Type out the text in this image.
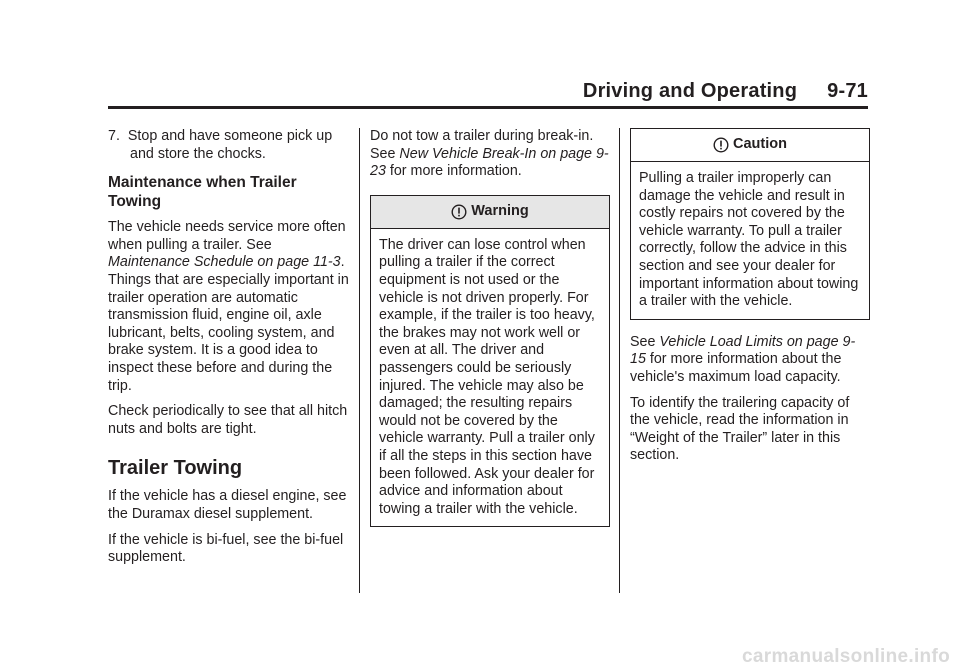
Driving and Operating 9-71

7. Stop and have someone pick up and store the chocks.

Maintenance when Trailer Towing

The vehicle needs service more often when pulling a trailer. See Maintenance Schedule on page 11-3. Things that are especially important in trailer operation are automatic transmission fluid, engine oil, axle lubricant, belts, cooling system, and brake system. It is a good idea to inspect these before and during the trip.

Check periodically to see that all hitch nuts and bolts are tight.

Trailer Towing

If the vehicle has a diesel engine, see the Duramax diesel supplement.

If the vehicle is bi-fuel, see the bi-fuel supplement.

Do not tow a trailer during break-in. See New Vehicle Break-In on page 9-23 for more information.

Warning
The driver can lose control when pulling a trailer if the correct equipment is not used or the vehicle is not driven properly. For example, if the trailer is too heavy, the brakes may not work well or even at all. The driver and passengers could be seriously injured. The vehicle may also be damaged; the resulting repairs would not be covered by the vehicle warranty. Pull a trailer only if all the steps in this section have been followed. Ask your dealer for advice and information about towing a trailer with the vehicle.
Caution
Pulling a trailer improperly can damage the vehicle and result in costly repairs not covered by the vehicle warranty. To pull a trailer correctly, follow the advice in this section and see your dealer for important information about towing a trailer with the vehicle.

See Vehicle Load Limits on page 9-15 for more information about the vehicle's maximum load capacity.

To identify the trailering capacity of the vehicle, read the information in “Weight of the Trailer” later in this section.

carmanualsonline.info
